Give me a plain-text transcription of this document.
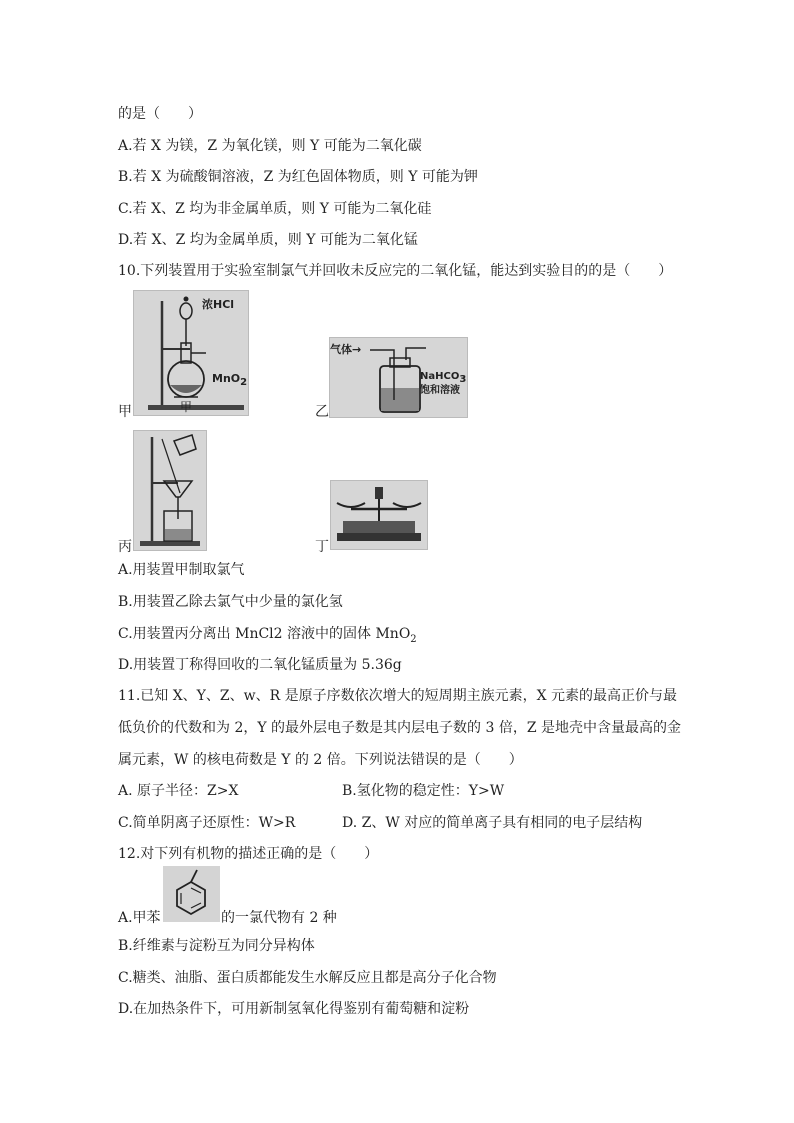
的是（　　）
A.若 X 为镁，Z 为氧化镁，则 Y 可能为二氧化碳
B.若 X 为硫酸铜溶液，Z 为红色固体物质，则 Y 可能为钾
C.若 X、Z 均为非金属单质，则 Y 可能为二氧化硅
D.若 X、Z 均为金属单质，则 Y 可能为二氧化锰
10.下列装置用于实验室制氯气并回收未反应完的二氧化锰，能达到实验目的的是（　　）
浓HCl
MnO$_2$
甲
甲
气体→
NaHCO$_3$
饱和溶液
乙
丙	丁
A.用装置甲制取氯气
B.用装置乙除去氯气中少量的氯化氢
C.用装置丙分离出 MnCl2 溶液中的固体 MnO$_2$
D.用装置丁称得回收的二氧化锰质量为 5.36g
11.已知 X、Y、Z、w、R 是原子序数依次增大的短周期主族元素，X 元素的最高正价与最
低负价的代数和为 2，Y 的最外层电子数是其内层电子数的 3 倍，Z 是地壳中含量最高的金
属元素，W 的核电荷数是 Y 的 2 倍。下列说法错误的是（　　）
A. 原子半径：Z>X	B.氢化物的稳定性：Y>W
C.简单阴离子还原性：W>R	D. Z、W 对应的简单离子具有相同的电子层结构
12.对下列有机物的描述正确的是（　　）
A.甲苯	的一氯代物有 2 种
B.纤维素与淀粉互为同分异构体
C.糖类、油脂、蛋白质都能发生水解反应且都是高分子化合物
D.在加热条件下，可用新制氢氧化得鉴别有葡萄糖和淀粉
